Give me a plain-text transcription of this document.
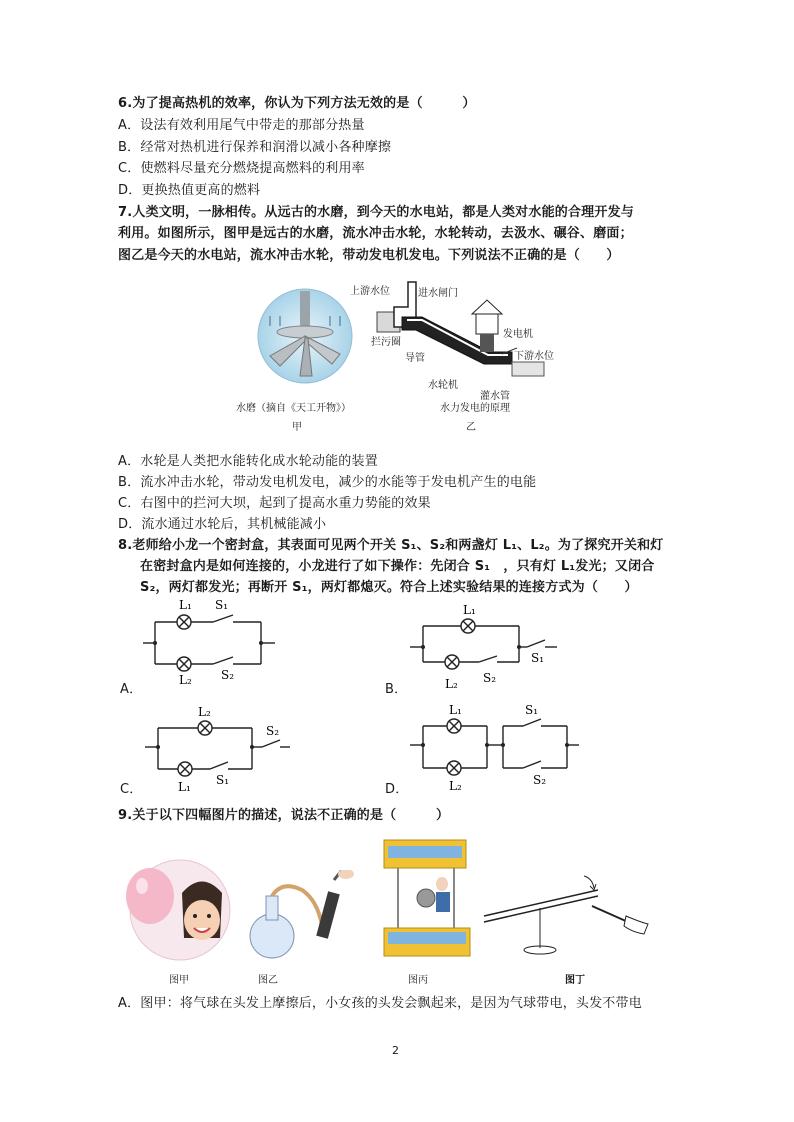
6.为了提高热机的效率，你认为下列方法无效的是（　　　）
A．设法有效利用尾气中带走的那部分热量
B．经常对热机进行保养和润滑以减小各种摩擦
C．使燃料尽量充分燃烧提高燃料的利用率
D．更换热值更高的燃料
7.人类文明，一脉相传。从远古的水磨，到今天的水电站，都是人类对水能的合理开发与
利用。如图所示，图甲是远古的水磨，流水冲击水轮，水轮转动，去汲水、碾谷、磨面；
图乙是今天的水电站，流水冲击水轮，带动发电机发电。下列说法不正确的是（　　）
水磨（摘自《天工开物》）
甲
上游水位	进水闸门
发电机
拦污圈
导管	下游水位
水轮机
灌水管
水力发电的原理
乙
A．水轮是人类把水能转化成水轮动能的装置
B．流水冲击水轮，带动发电机发电，减少的水能等于发电机产生的电能
C．右图中的拦河大坝，起到了提高水重力势能的效果
D．流水通过水轮后，其机械能减小
8.老师给小龙一个密封盒，其表面可见两个开关 S₁、S₂和两盏灯 L₁、L₂。为了探究开关和灯
在密封盒内是如何连接的，小龙进行了如下操作：先闭合 S₁　，只有灯 L₁发光；又闭合
S₂，两灯都发光；再断开 S₁，两灯都熄灭。符合上述实验结果的连接方式为（　　）
L₁ S₁
L₂ S₂
A．
L₁
S₁
L₂ S₂
B．
L₂
S₂
L₁ S₁
C．
L₁	S₁
L₂	S₂
D．
9.关于以下四幅图片的描述，说法不正确的是（　　　）
图甲	图乙	图丙	图丁
A．图甲：将气球在头发上摩擦后，小女孩的头发会飘起来，是因为气球带电，头发不带电
2
